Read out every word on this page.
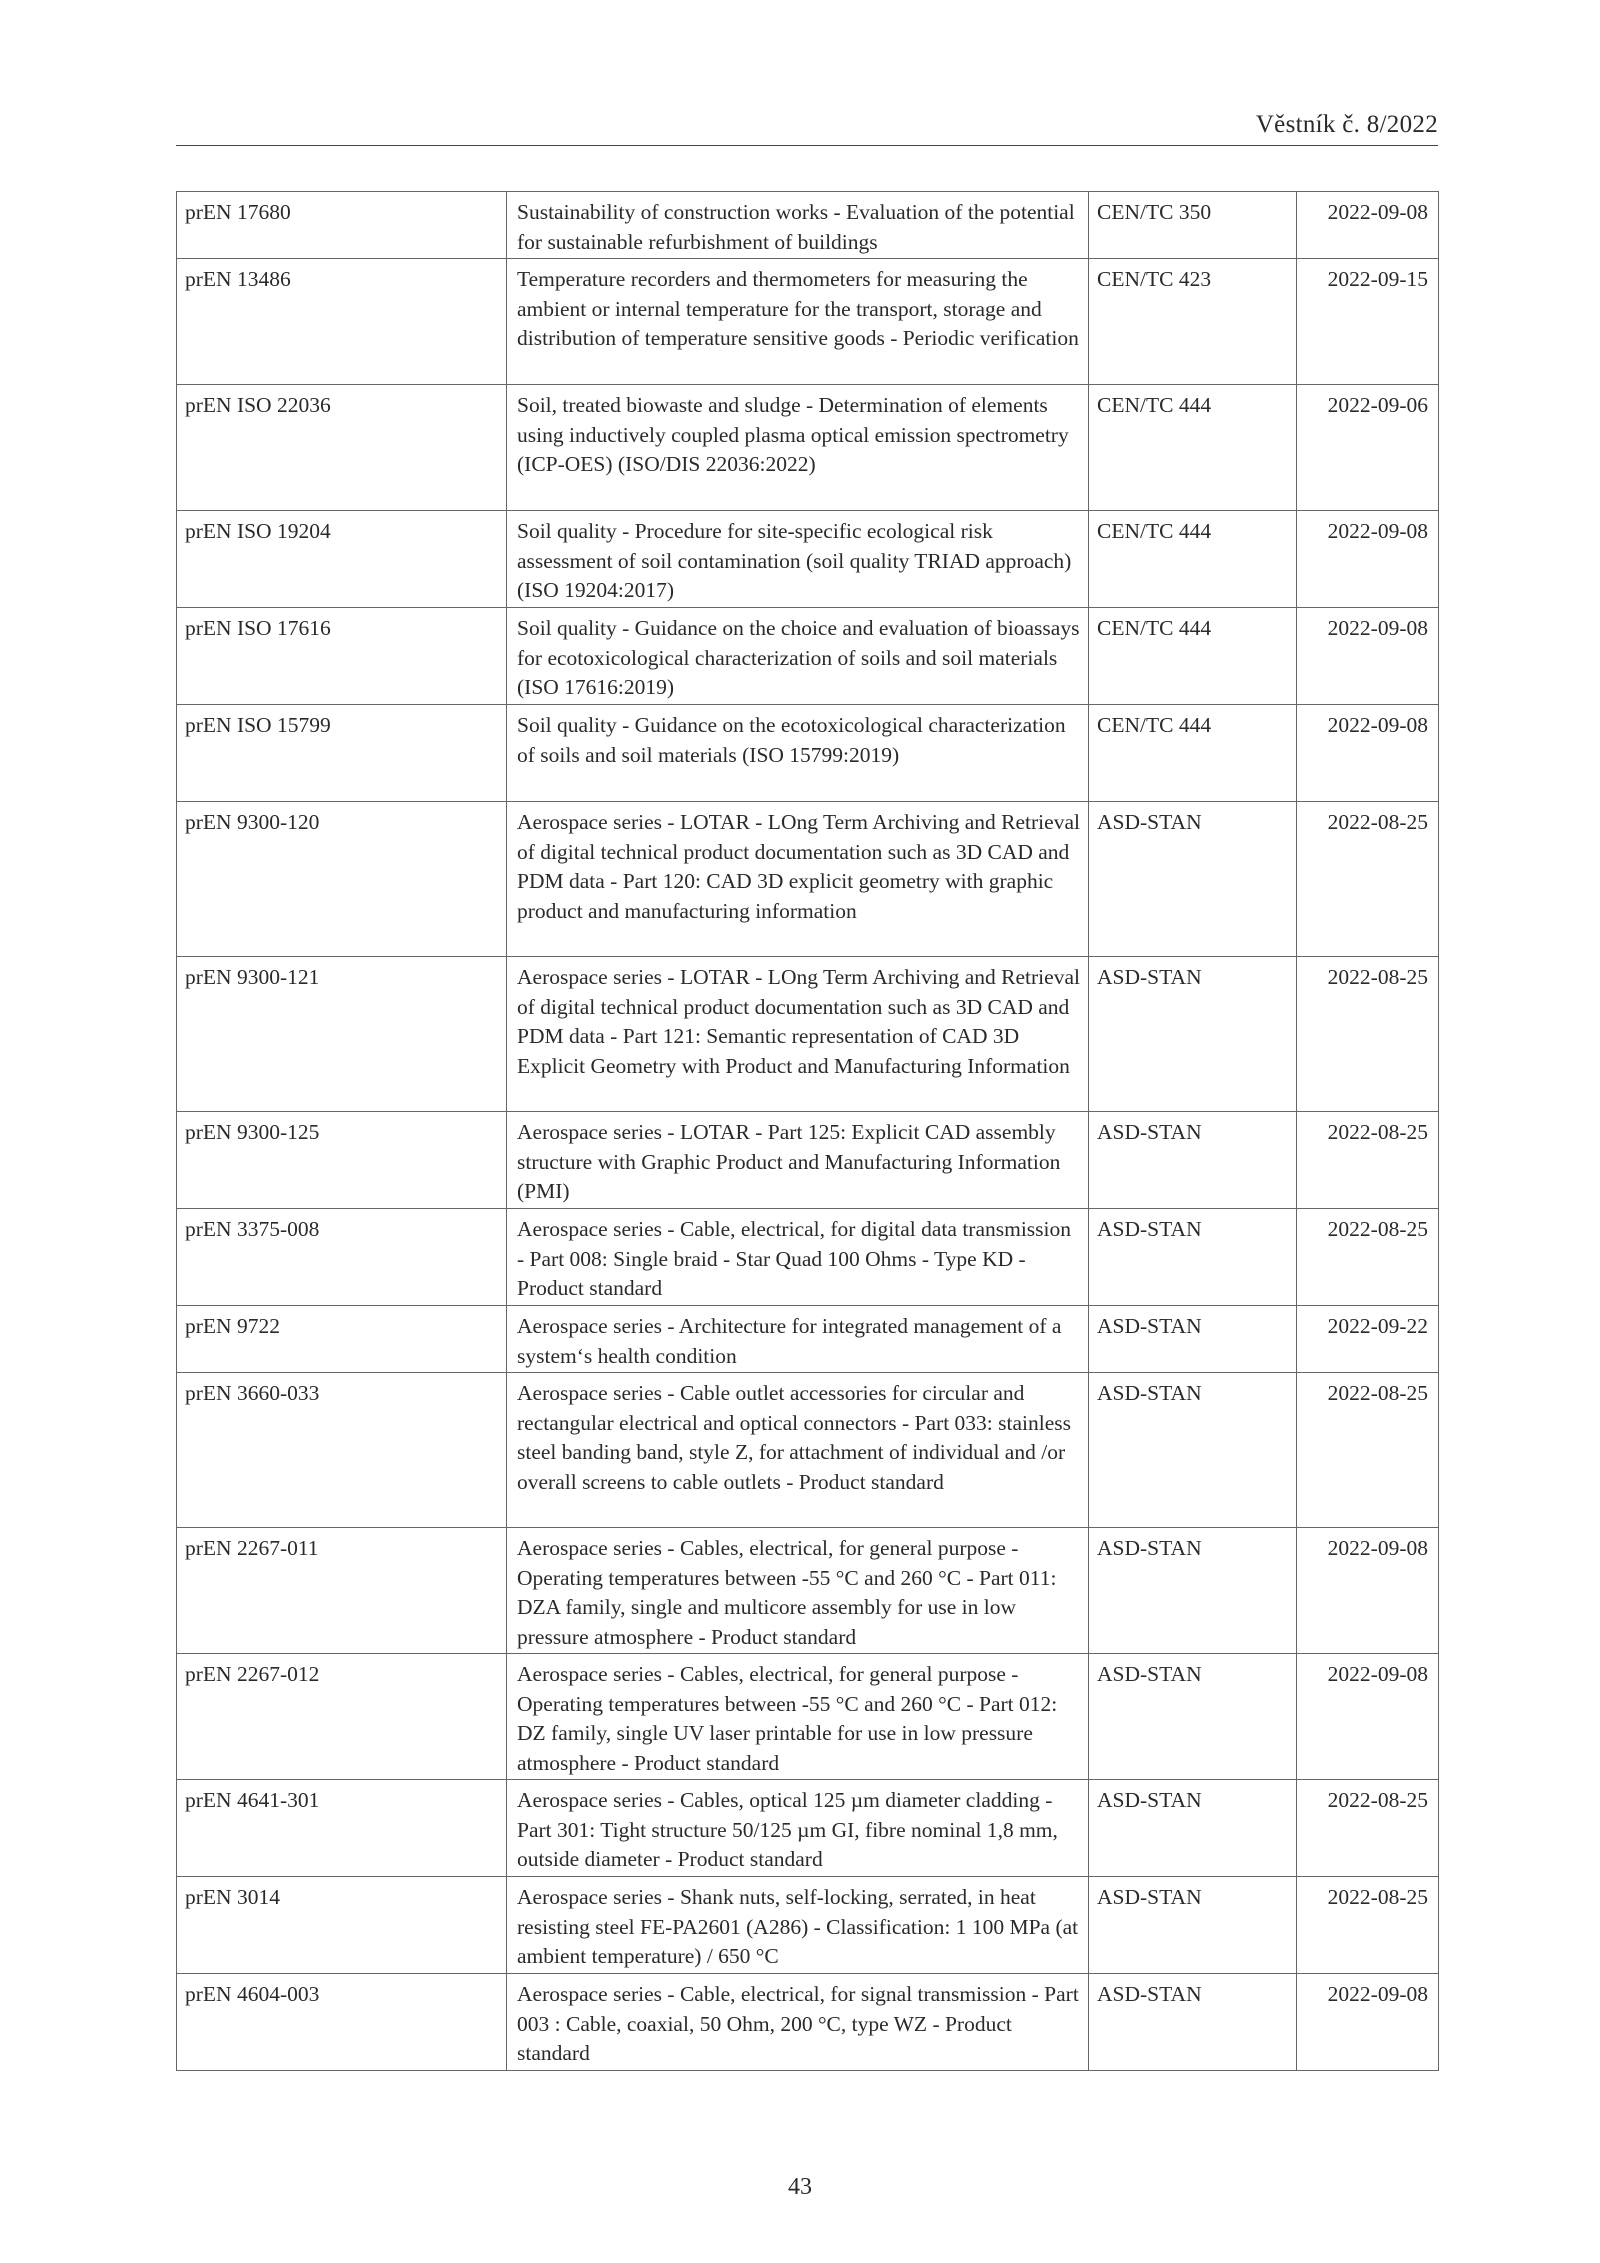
Věstník č. 8/2022
prEN 17680	Sustainability of construction works - Evaluation of the potential for sustainable refurbishment of buildings	CEN/TC 350	2022-09-08
prEN 13486	Temperature recorders and thermometers for measuring the ambient or internal temperature for the transport, storage and distribution of temperature sensitive goods - Periodic verification	CEN/TC 423	2022-09-15
prEN ISO 22036	Soil, treated biowaste and sludge - Determination of elements using inductively coupled plasma optical emission spectrometry (ICP-OES) (ISO/DIS 22036:2022)	CEN/TC 444	2022-09-06
prEN ISO 19204	Soil quality - Procedure for site-specific ecological risk assessment of soil contamination (soil quality TRIAD approach) (ISO 19204:2017)	CEN/TC 444	2022-09-08
prEN ISO 17616	Soil quality - Guidance on the choice and evaluation of bioassays for ecotoxicological characterization of soils and soil materials (ISO 17616:2019)	CEN/TC 444	2022-09-08
prEN ISO 15799	Soil quality - Guidance on the ecotoxicological characterization of soils and soil materials (ISO 15799:2019)	CEN/TC 444	2022-09-08
prEN 9300-120	Aerospace series - LOTAR - LOng Term Archiving and Retrieval of digital technical product documentation such as 3D CAD and PDM data - Part 120: CAD 3D explicit geometry with graphic product and manufacturing information	ASD-STAN	2022-08-25
prEN 9300-121	Aerospace series - LOTAR - LOng Term Archiving and Retrieval of digital technical product documentation such as 3D CAD and PDM data - Part 121: Semantic representation of CAD 3D Explicit Geometry with Product and Manufacturing Information	ASD-STAN	2022-08-25
prEN 9300-125	Aerospace series - LOTAR - Part 125: Explicit CAD assembly structure with Graphic Product and Manufacturing Information (PMI)	ASD-STAN	2022-08-25
prEN 3375-008	Aerospace series - Cable, electrical, for digital data transmission - Part 008: Single braid - Star Quad 100 Ohms - Type KD - Product standard	ASD-STAN	2022-08-25
prEN 9722	Aerospace series - Architecture for integrated management of a system‘s health condition	ASD-STAN	2022-09-22
prEN 3660-033	Aerospace series - Cable outlet accessories for circular and rectangular electrical and optical connectors - Part 033: stainless steel banding band, style Z, for attachment of individual and /or overall screens to cable outlets - Product standard	ASD-STAN	2022-08-25
prEN 2267-011	Aerospace series - Cables, electrical, for general purpose - Operating temperatures between -55 °C and 260 °C - Part 011: DZA family, single and multicore assembly for use in low pressure atmosphere - Product standard	ASD-STAN	2022-09-08
prEN 2267-012	Aerospace series - Cables, electrical, for general purpose - Operating temperatures between -55 °C and 260 °C - Part 012: DZ family, single UV laser printable for use in low pressure atmosphere - Product standard	ASD-STAN	2022-09-08
prEN 4641-301	Aerospace series - Cables, optical 125 µm diameter cladding - Part 301: Tight structure 50/125 µm GI, fibre nominal 1,8 mm, outside diameter - Product standard	ASD-STAN	2022-08-25
prEN 3014	Aerospace series - Shank nuts, self-locking, serrated, in heat resisting steel FE-PA2601 (A286) - Classification: 1 100 MPa (at ambient temperature) / 650 °C	ASD-STAN	2022-08-25
prEN 4604-003	Aerospace series - Cable, electrical, for signal transmission - Part 003 : Cable, coaxial, 50 Ohm, 200 °C, type WZ - Product standard	ASD-STAN	2022-09-08
43
